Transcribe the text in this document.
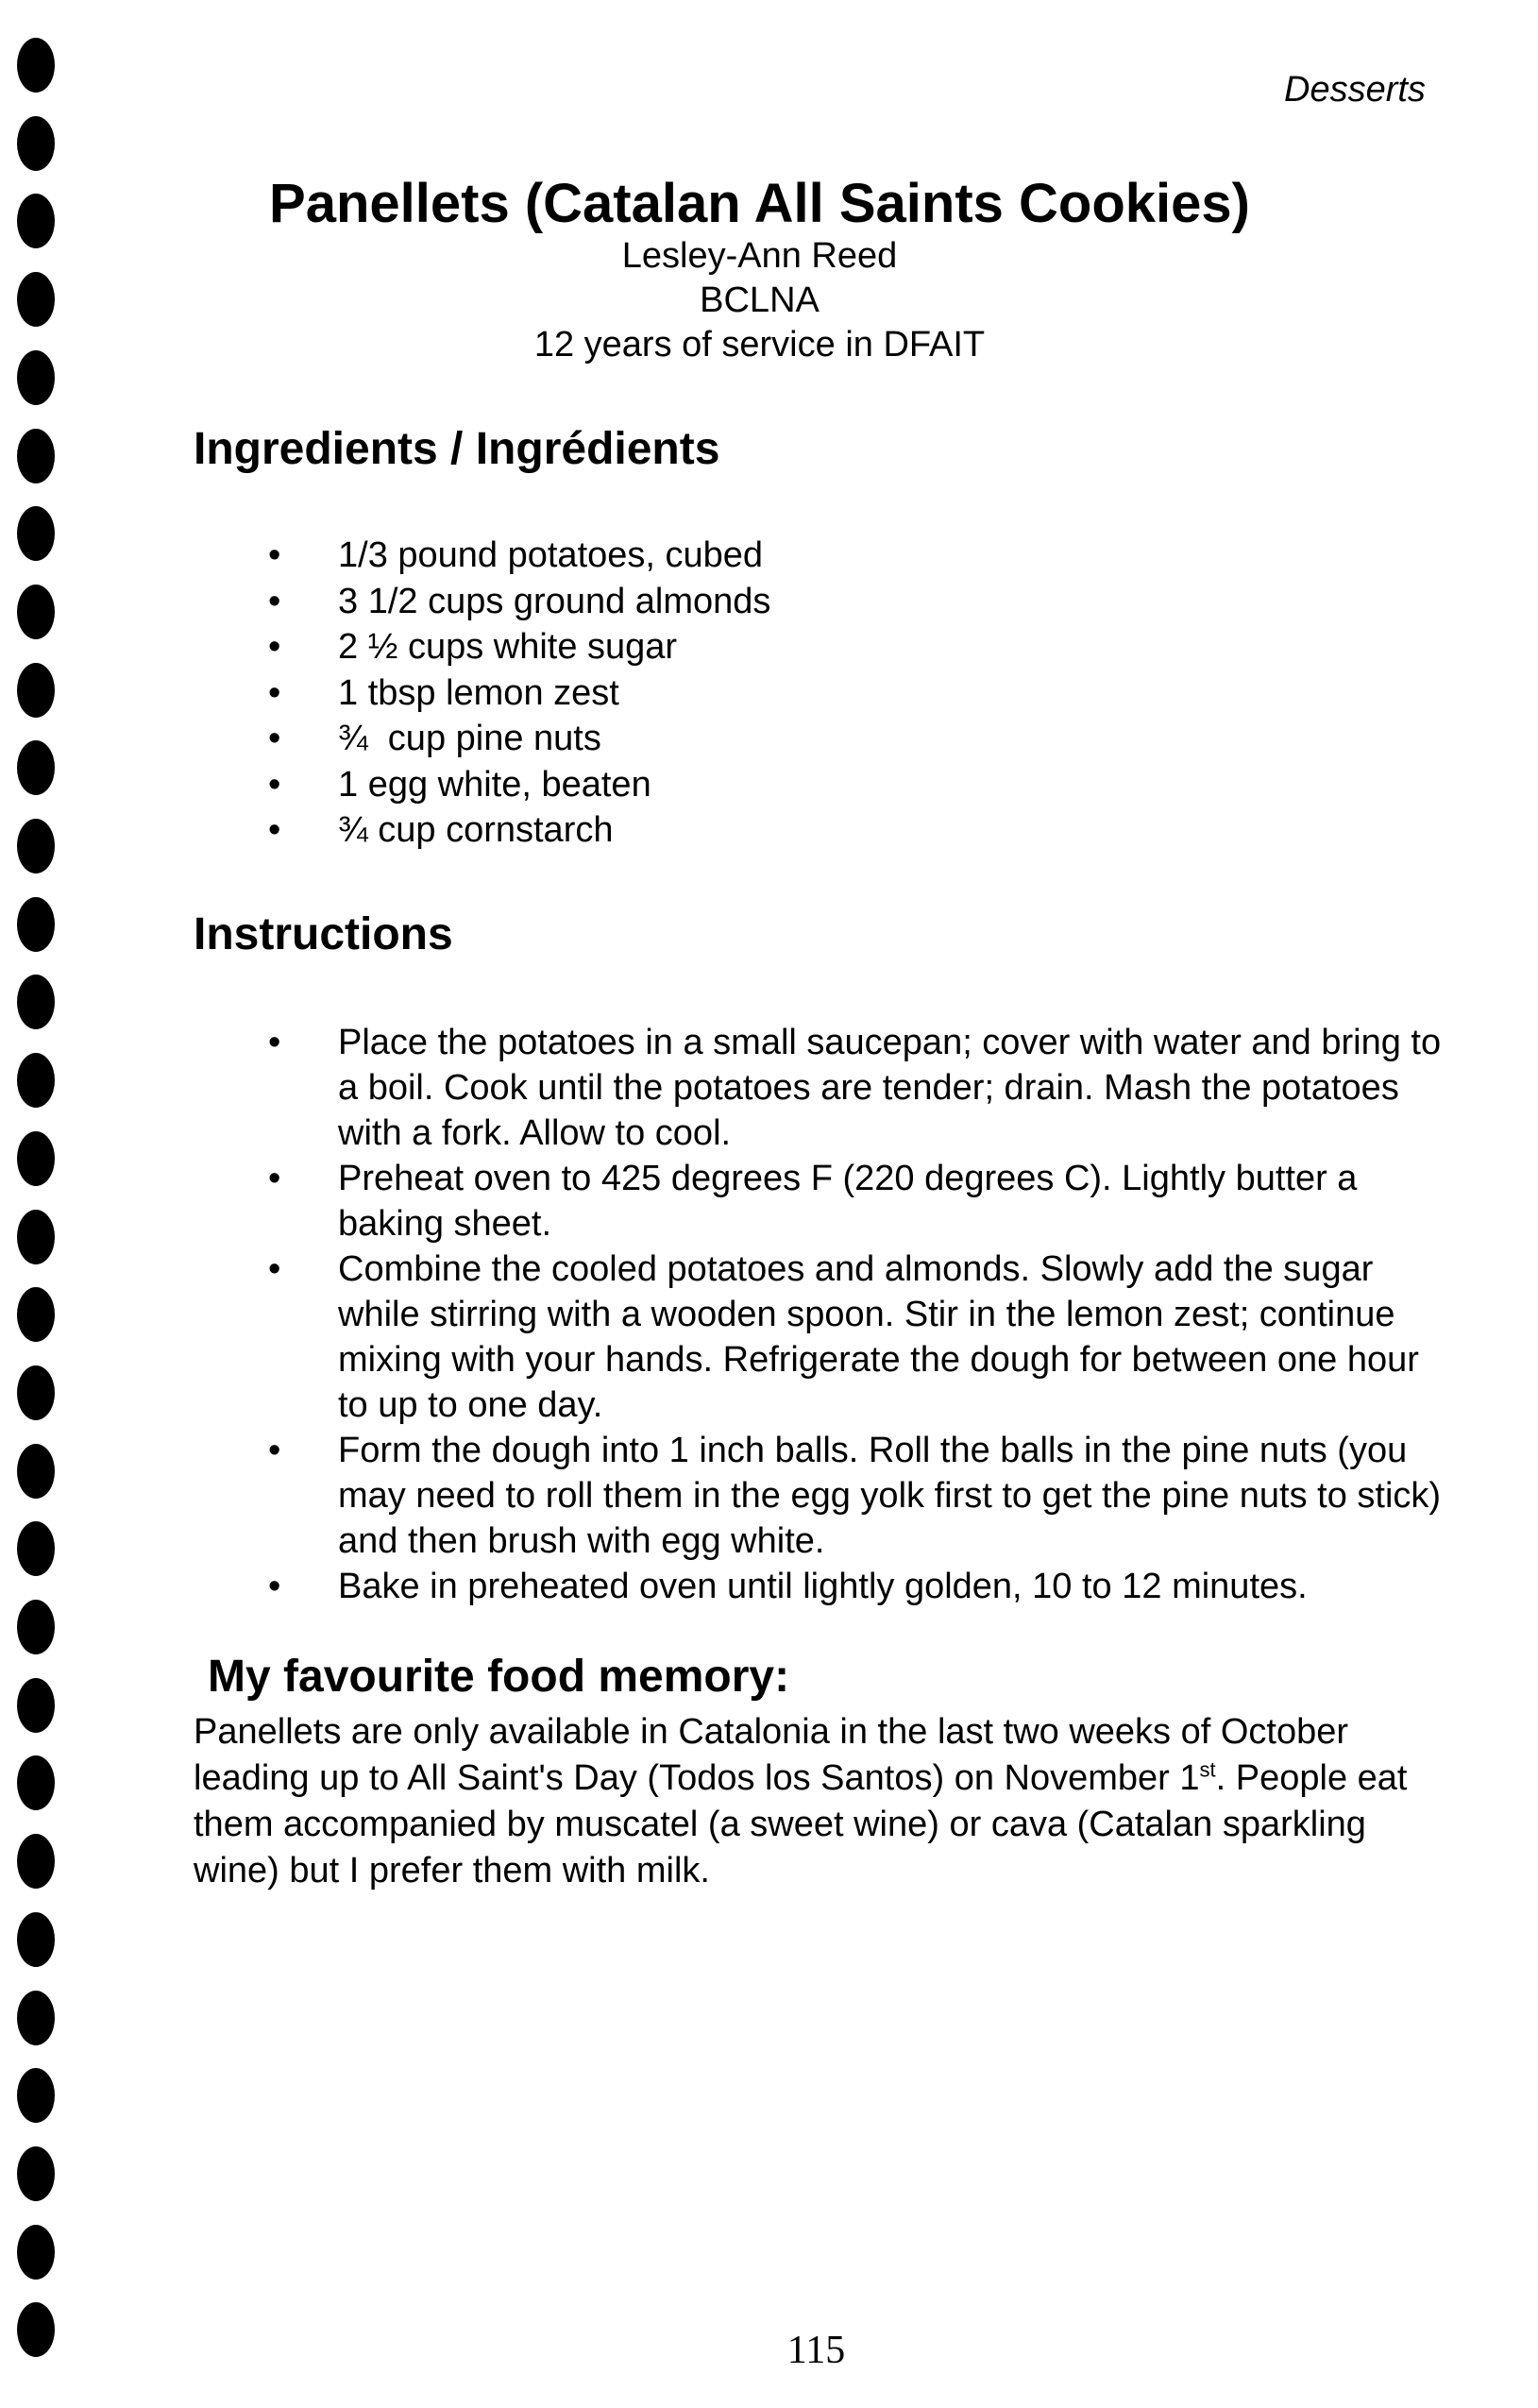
Desserts
Panellets (Catalan All Saints Cookies)
Lesley-Ann Reed
BCLNA
12 years of service in DFAIT
Ingredients / Ingrédients
• 1/3 pound potatoes, cubed
• 3 1/2 cups ground almonds
• 2 ½ cups white sugar
• 1 tbsp lemon zest
• ¾  cup pine nuts
• 1 egg white, beaten
• ¾ cup cornstarch
Instructions
• Place the potatoes in a small saucepan; cover with water and bring to a boil. Cook until the potatoes are tender; drain. Mash the potatoes with a fork. Allow to cool.
• Preheat oven to 425 degrees F (220 degrees C). Lightly butter a baking sheet.
• Combine the cooled potatoes and almonds. Slowly add the sugar while stirring with a wooden spoon. Stir in the lemon zest; continue mixing with your hands. Refrigerate the dough for between one hour to up to one day.
• Form the dough into 1 inch balls. Roll the balls in the pine nuts (you may need to roll them in the egg yolk first to get the pine nuts to stick) and then brush with egg white.
• Bake in preheated oven until lightly golden, 10 to 12 minutes.
My favourite food memory:

Panellets are only available in Catalonia in the last two weeks of October leading up to All Saint's Day (Todos los Santos) on November 1st. People eat them accompanied by muscatel (a sweet wine) or cava (Catalan sparkling wine) but I prefer them with milk.

115
